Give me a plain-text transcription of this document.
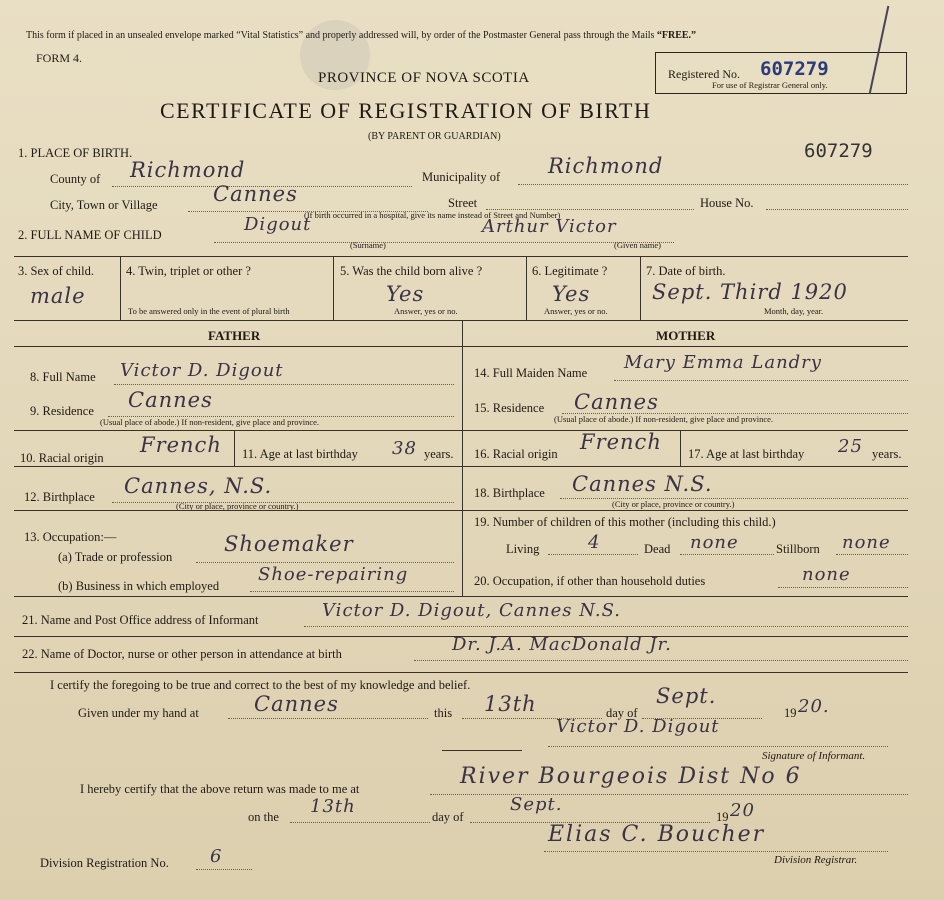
This form if placed in an unsealed envelope marked “Vital Statistics” and properly addressed will, by order of the Postmaster General pass through the Mails “FREE.”
FORM 4.
PROVINCE OF NOVA SCOTIA
CERTIFICATE OF REGISTRATION OF BIRTH
(BY PARENT OR GUARDIAN)
Registered No. 607279
For use of Registrar General only.
607279
1. PLACE OF BIRTH.
County of Richmond	Municipality of Richmond
City, Town or Village	Cannes	Street	House No.
(If birth occurred in a hospital, give its name instead of Street and Number)
2. FULL NAME OF CHILD	Digout	Arthur Victor
(Surname)	(Given name)
3. Sex of child.
male
4. Twin, triplet or other ?
To be answered only in the event of plural birth
5. Was the child born alive ?
Yes
Answer, yes or no.
6. Legitimate ?
Yes
Answer, yes or no.
7. Date of birth.
Sept. Third 1920
Month, day, year.
FATHER	MOTHER
8. Full Name Victor D. Digout	14. Full Maiden Name Mary Emma Landry
9. Residence Cannes
(Usual place of abode.) If non-resident, give place and province.
15. Residence Cannes
(Usual place of abode.) If non-resident, give place and province.
10. Racial origin
French 11. Age at last birthday 38 years. 16. Racial origin French 17. Age at last birthday 25 years.
12. Birthplace Cannes, N.S.
(City or place, province or country.)
18. Birthplace Cannes N.S.
(City or place, province or country.)
13. Occupation:—
(a) Trade or profession
Shoemaker
(b) Business in which employed
Shoe-repairing
19. Number of children of this mother (including this child.)
Living	4	Dead none	Stillborn none
20. Occupation, if other than household duties	none
21. Name and Post Office address of Informant	Victor D. Digout, Cannes N.S.
22. Name of Doctor, nurse or other person in attendance at birth	Dr. J.A. MacDonald Jr.
I certify the foregoing to be true and correct to the best of my knowledge and belief.
Given under my hand at	Cannes	this 13th	day of
Sept.
19 20.
Victor D. Digout
Signature of Informant.
I hereby certify that the above return was made to me at	River Bourgeois Dist No 6
on the 13th	day of
Sept.
19 20
Division Registration No. 6
Elias C. Boucher
Division Registrar.
